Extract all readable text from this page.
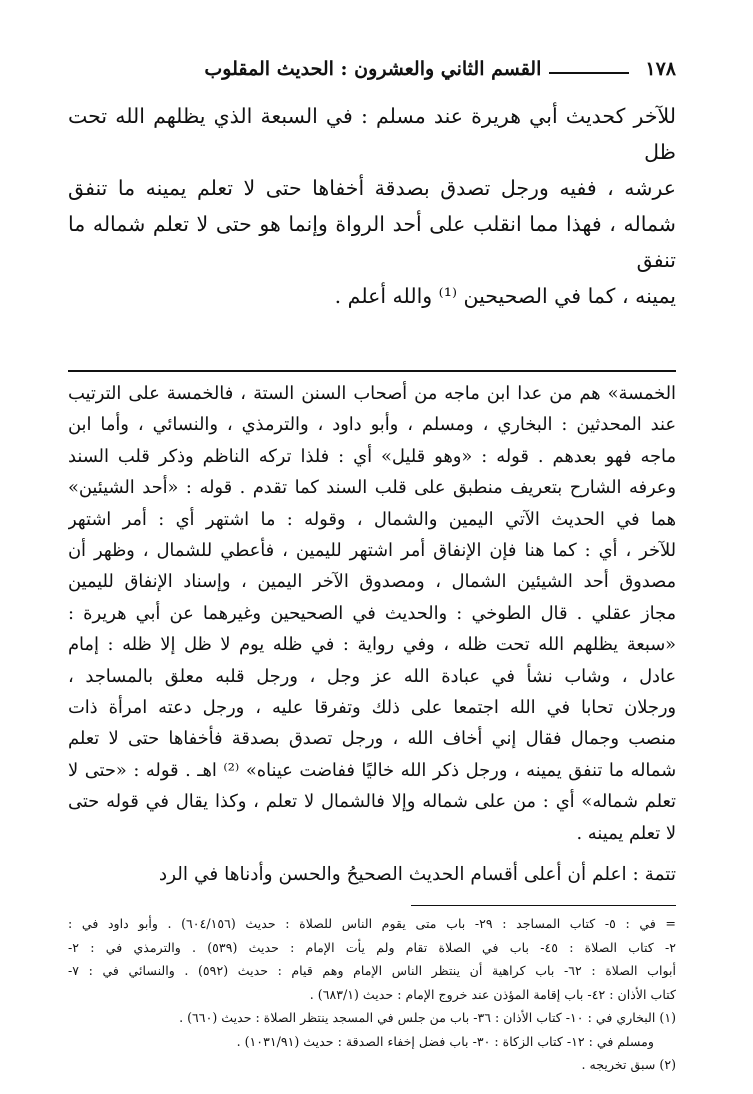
١٧٨
القسم الثاني والعشرون : الحديث المقلوب
للآخر كحديث أبي هريرة عند مسلم : في السبعة الذي يظلهم الله تحت ظل
عرشه ، ففيه ورجل تصدق بصدقة أخفاها حتى لا تعلم يمينه ما تنفق
شماله ، فهذا مما انقلب على أحد الرواة وإنما هو حتى لا تعلم شماله ما تنفق
يمينه ، كما في الصحيحين ⁽¹⁾ والله أعلم .
الخمسة» هم من عدا ابن ماجه من أصحاب السنن الستة ، فالخمسة على الترتيب
عند المحدثين : البخاري ، ومسلم ، وأبو داود ، والترمذي ، والنسائي ، وأما ابن
ماجه فهو بعدهم . قوله : «وهو قليل» أي : فلذا تركه الناظم وذكر قلب السند
وعرفه الشارح بتعريف منطبق على قلب السند كما تقدم . قوله : «أحد الشيئين»
هما في الحديث الآتي اليمين والشمال ، وقوله : ما اشتهر أي : أمر اشتهر
للآخر ، أي : كما هنا فإن الإنفاق أمر اشتهر لليمين ، فأعطي للشمال ، وظهر أن
مصدوق أحد الشيئين الشمال ، ومصدوق الآخر اليمين ، وإسناد الإنفاق لليمين
مجاز عقلي . قال الطوخي : والحديث في الصحيحين وغيرهما عن أبي هريرة :
«سبعة يظلهم الله تحت ظله ، وفي رواية : في ظله يوم لا ظل إلا ظله : إمام
عادل ، وشاب نشأ في عبادة الله عز وجل ، ورجل قلبه معلق بالمساجد ،
ورجلان تحابا في الله اجتمعا على ذلك وتفرقا عليه ، ورجل دعته امرأة ذات
منصب وجمال فقال إني أخاف الله ، ورجل تصدق بصدقة فأخفاها حتى لا تعلم
شماله ما تنفق يمينه ، ورجل ذكر الله خاليًا ففاضت عيناه» ⁽²⁾ اهـ . قوله : «حتى لا
تعلم شماله» أي : من على شماله وإلا فالشمال لا تعلم ، وكذا يقال في قوله حتى
لا تعلم يمينه .
تتمة : اعلم أن أعلى أقسام الحديث الصحيحُ والحسن وأدناها في الرد
= في : ٥- كتاب المساجد : ٢٩- باب متى يقوم الناس للصلاة : حديث (٦٠٤/١٥٦) . وأبو داود في :
٢- كتاب الصلاة : ٤٥- باب في الصلاة تقام ولم يأت الإمام : حديث (٥٣٩) . والترمذي في : ٢-
أبواب الصلاة : ٦٢- باب كراهية أن ينتظر الناس الإمام وهم قيام : حديث (٥٩٢) . والنسائي في : ٧-
كتاب الأذان : ٤٢- باب إقامة المؤذن عند خروج الإمام : حديث (٦٨٣/١) .
(١) البخاري في : ١٠- كتاب الأذان : ٣٦- باب من جلس في المسجد ينتظر الصلاة : حديث (٦٦٠) .
ومسلم في : ١٢- كتاب الزكاة : ٣٠- باب فضل إخفاء الصدقة : حديث (١٠٣١/٩١) .
(٢) سبق تخريجه .
